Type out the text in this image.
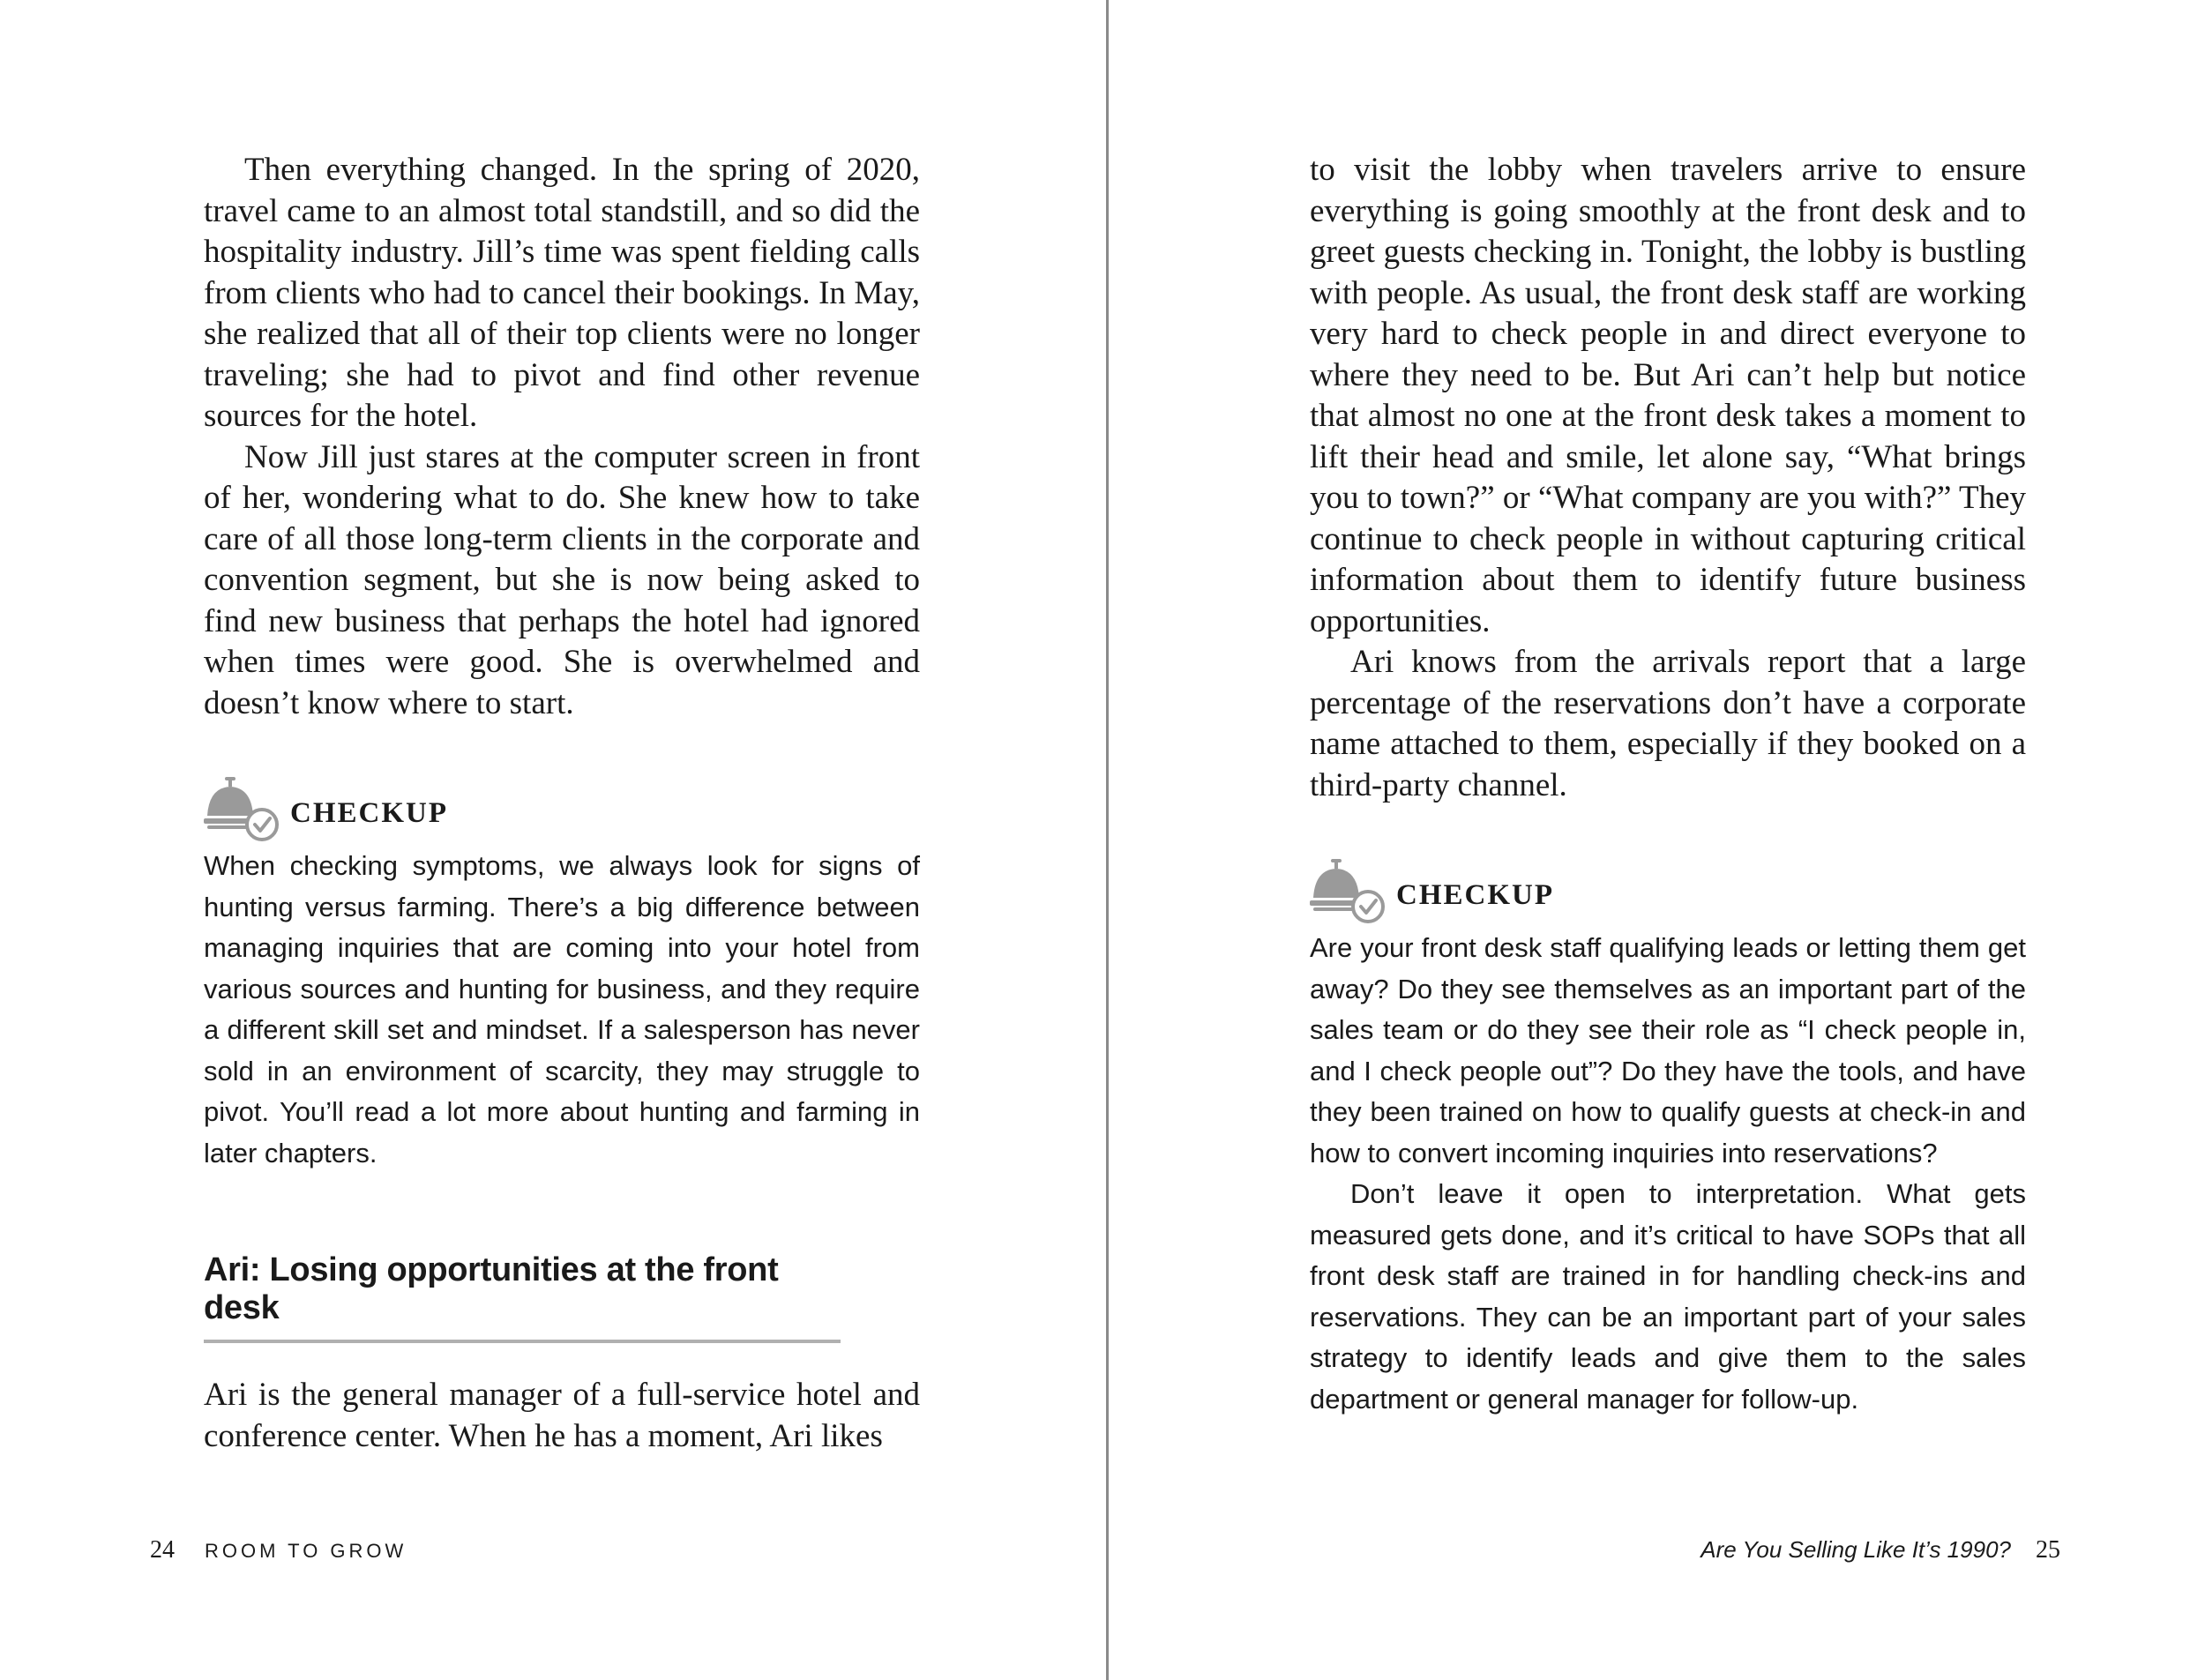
Then everything changed. In the spring of 2020, travel came to an almost total standstill, and so did the hospitality industry. Jill’s time was spent fielding calls from clients who had to cancel their bookings. In May, she realized that all of their top clients were no longer traveling; she had to pivot and find other revenue sources for the hotel.

Now Jill just stares at the computer screen in front of her, wondering what to do. She knew how to take care of all those long-term clients in the corporate and convention segment, but she is now being asked to find new business that perhaps the hotel had ignored when times were good. She is overwhelmed and doesn’t know where to start.

CHECKUP

When checking symptoms, we always look for signs of hunting versus farming. There’s a big difference between managing inquiries that are coming into your hotel from various sources and hunting for business, and they require a different skill set and mindset. If a salesperson has never sold in an environment of scarcity, they may struggle to pivot. You’ll read a lot more about hunting and farming in later chapters.

Ari: Losing opportunities at the front desk

Ari is the general manager of a full-service hotel and conference center. When he has a moment, Ari likes

24 ROOM TO GROW

to visit the lobby when travelers arrive to ensure everything is going smoothly at the front desk and to greet guests checking in. Tonight, the lobby is bustling with people. As usual, the front desk staff are working very hard to check people in and direct everyone to where they need to be. But Ari can’t help but notice that almost no one at the front desk takes a moment to lift their head and smile, let alone say, “What brings you to town?” or “What company are you with?” They continue to check people in without capturing critical information about them to identify future business opportunities.

Ari knows from the arrivals report that a large percentage of the reservations don’t have a corporate name attached to them, especially if they booked on a third-party channel.

CHECKUP

Are your front desk staff qualifying leads or letting them get away? Do they see themselves as an important part of the sales team or do they see their role as “I check people in, and I check people out”? Do they have the tools, and have they been trained on how to qualify guests at check-in and how to convert incoming inquiries into reservations?

Don’t leave it open to interpretation. What gets measured gets done, and it’s critical to have SOPs that all front desk staff are trained in for handling check-ins and reservations. They can be an important part of your sales strategy to identify leads and give them to the sales department or general manager for follow-up.

Are You Selling Like It’s 1990? 25
